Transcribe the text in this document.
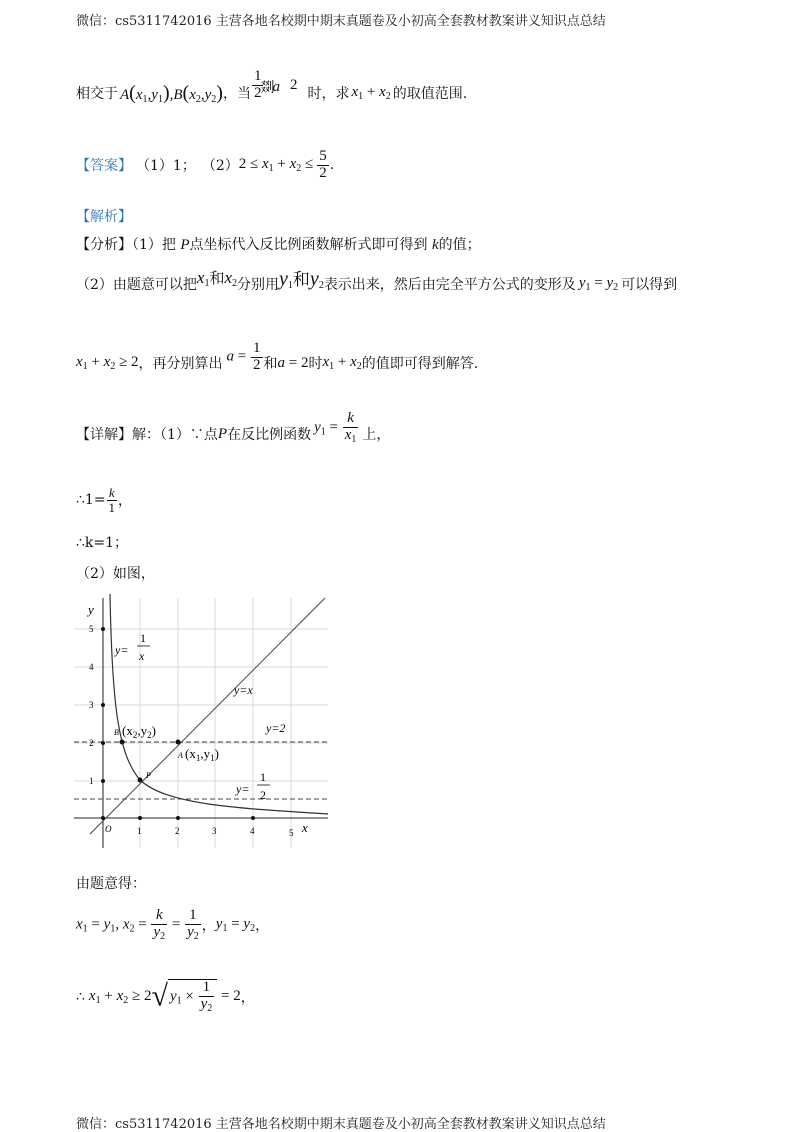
微信：cs5311742016 主营各地名校期中期末真题卷及小初高全套教材教案讲义知识点总结
微信：cs5311742016 主营各地名校期中期末真题卷及小初高全套教材教案讲义知识点总结
相交于 $A(x_1,y_1),B(x_2,y_2)$ ，当 $\frac{1}{2}$
剟
a 2
时，求 $x_1 + x_2$ 的取值范围.
【答案】 （1）1； （2） $2 \le x_1 + x_2 \le \frac{5}{2}$ .
【解析】
【分析】（1）把 P点坐标代入反比例函数解析式即可得到 k的值；
（2）由题意可以把 $x_1$和$x_2$ 分别用 $y_1$和$y_2$ 表示出来，然后由完全平方公式的变形及 $y_1 = y_2$ 可以得到
$x_1 + x_2 \ge 2$ ，再分别算出 $a = \frac{1}{2}$ 和 a = 2 时 $x_1 + x_2$ 的值即可得到解答.
【详解】 解：（1）∵点 P 在反比例函数 $y_1 = \frac{k}{x_1}$ 上，
∴1= $\frac{k}{1}$ ，
∴k=1；
（2）如图，
y
x
O	1	2	3	4	5
1
2
3
4
5
y=
1
x
y=x
y=2
y=
1
2
B $(x_2,y_2)$
A $(x_1,y_1)$
P
由题意得：
$x_1 = y_1$, $x_2 = \frac{k}{y_2} = \frac{1}{y_2}$ ， $y_1 = y_2$ ，
∴ $x_1 + x_2 \ge 2√$ $y_1 \times \frac{1}{y_2} = 2$ ，
